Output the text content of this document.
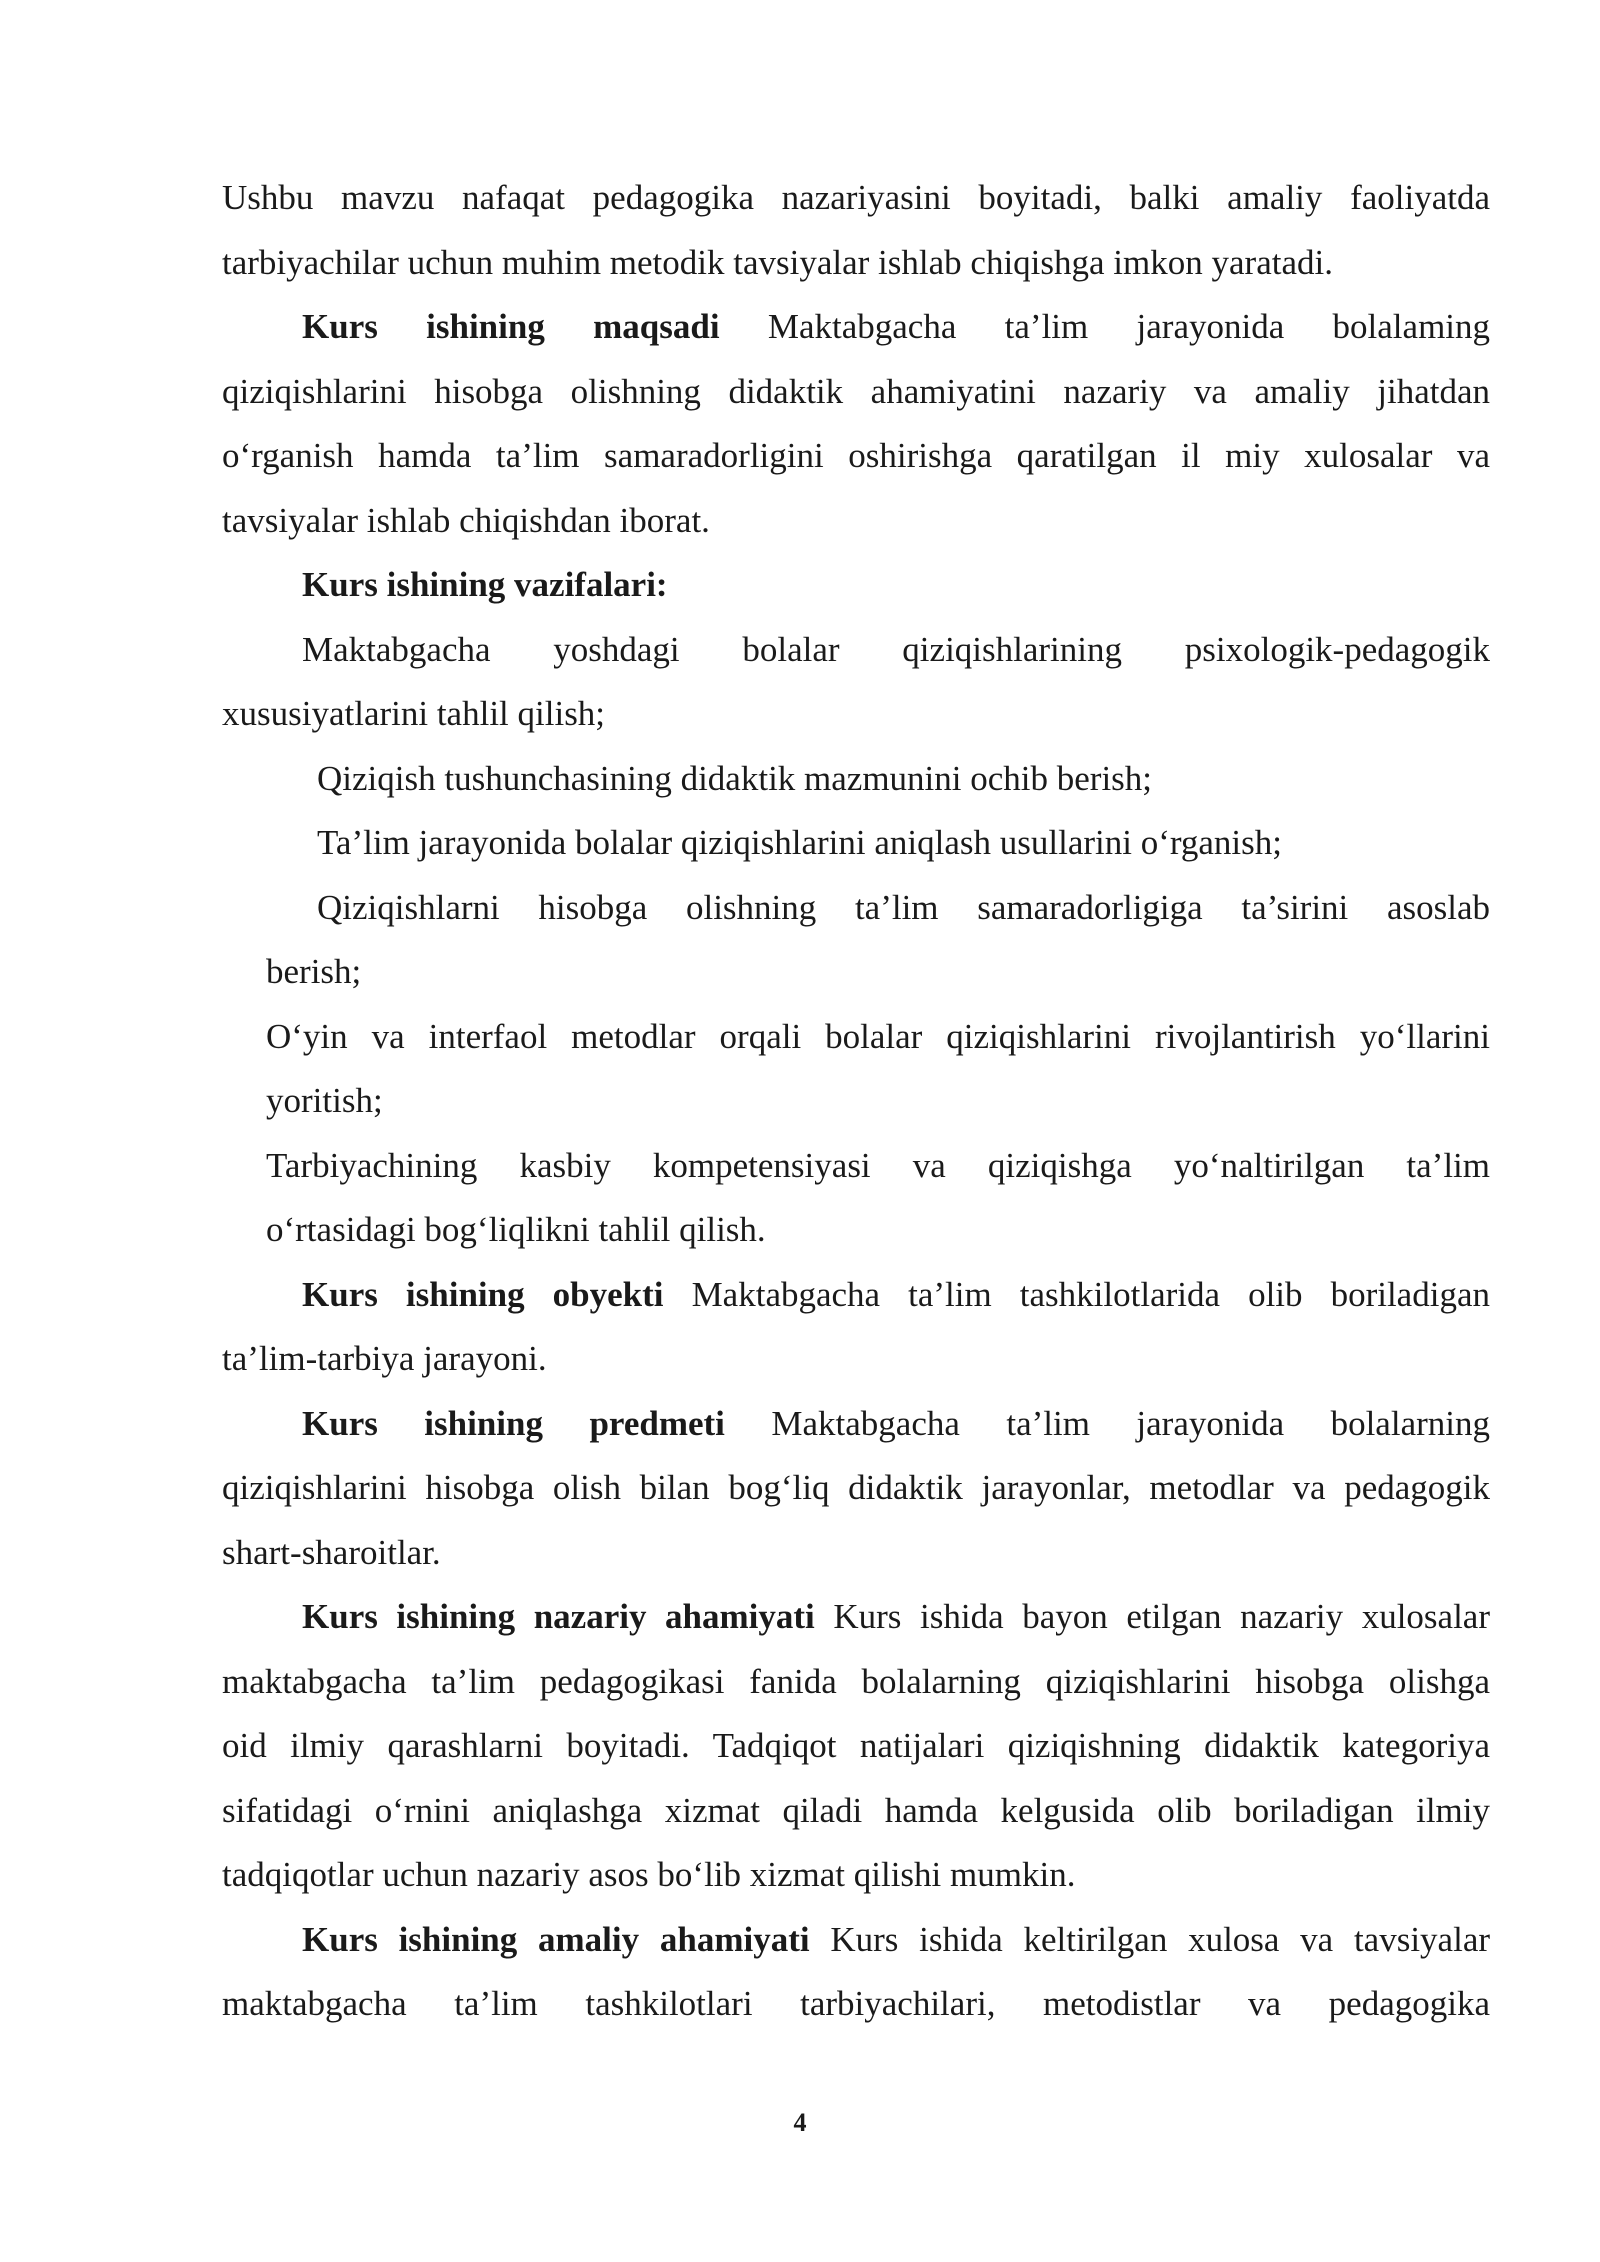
Ushbu mavzu nafaqat pedagogika nazariyasini boyitadi, balki amaliy faoliyatda
tarbiyachilar uchun muhim metodik tavsiyalar ishlab chiqishga imkon yaratadi.
Kurs ishining maqsadi Maktabgacha ta’lim jarayonida bolalaming
qiziqishlarini hisobga olishning didaktik ahamiyatini nazariy va amaliy jihatdan
o‘rganish hamda ta’lim samaradorligini oshirishga qaratilgan il miy xulosalar va
tavsiyalar ishlab chiqishdan iborat.
Kurs ishining vazifalari:
Maktabgacha yoshdagi bolalar qiziqishlarining psixologik-pedagogik
xususiyatlarini tahlil qilish;
Qiziqish tushunchasining didaktik mazmunini ochib berish;
Ta’lim jarayonida bolalar qiziqishlarini aniqlash usullarini o‘rganish;
Qiziqishlarni hisobga olishning ta’lim samaradorligiga ta’sirini asoslab
berish;
O‘yin va interfaol metodlar orqali bolalar qiziqishlarini rivojlantirish yo‘llarini
yoritish;
Tarbiyachining kasbiy kompetensiyasi va qiziqishga yo‘naltirilgan ta’lim
o‘rtasidagi bog‘liqlikni tahlil qilish.
Kurs ishining obyekti Maktabgacha ta’lim tashkilotlarida olib boriladigan
ta’lim-tarbiya jarayoni.
Kurs ishining predmeti Maktabgacha ta’lim jarayonida bolalarning
qiziqishlarini hisobga olish bilan bog‘liq didaktik jarayonlar, metodlar va pedagogik
shart-sharoitlar.
Kurs ishining nazariy ahamiyati Kurs ishida bayon etilgan nazariy xulosalar
maktabgacha ta’lim pedagogikasi fanida bolalarning qiziqishlarini hisobga olishga
oid ilmiy qarashlarni boyitadi. Tadqiqot natijalari qiziqishning didaktik kategoriya
sifatidagi o‘rnini aniqlashga xizmat qiladi hamda kelgusida olib boriladigan ilmiy
tadqiqotlar uchun nazariy asos bo‘lib xizmat qilishi mumkin.
Kurs ishining amaliy ahamiyati Kurs ishida keltirilgan xulosa va tavsiyalar
maktabgacha ta’lim tashkilotlari tarbiyachilari, metodistlar va pedagogika
4
